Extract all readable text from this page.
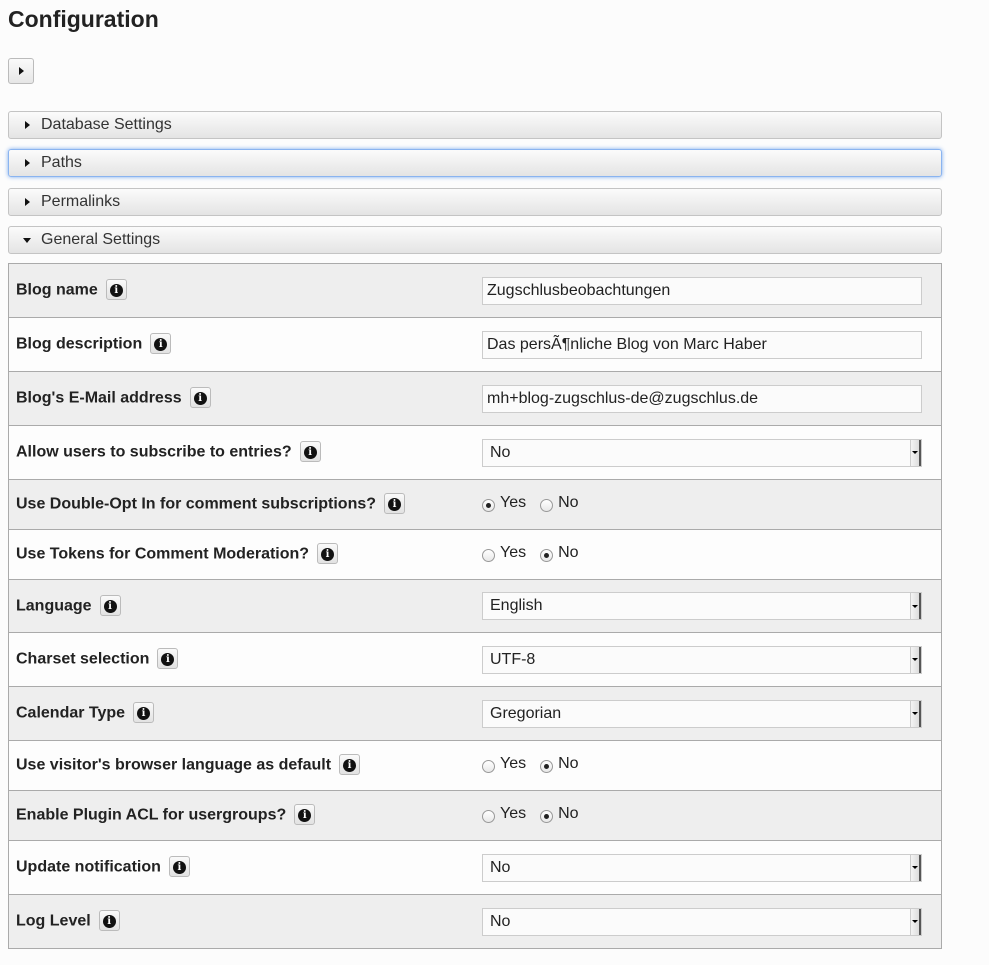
Configuration
Database Settings
Paths
Permalinks
General Settings
Blog name i	Zugschlusbeobachtungen

Blog description i	Das persÃ¶nliche Blog von Marc Haber

Blog's E-Mail address i	mh+blog-zugschlus-de@zugschlus.de

Allow users to subscribe to entries? i	No

Use Double-Opt In for comment subscriptions? i	Yes No

Use Tokens for Comment Moderation? i	Yes No

Language i	English

Charset selection i	UTF-8

Calendar Type i	Gregorian

Use visitor's browser language as default i	Yes No

Enable Plugin ACL for usergroups? i	Yes No

Update notification i	No

Log Level i	No
